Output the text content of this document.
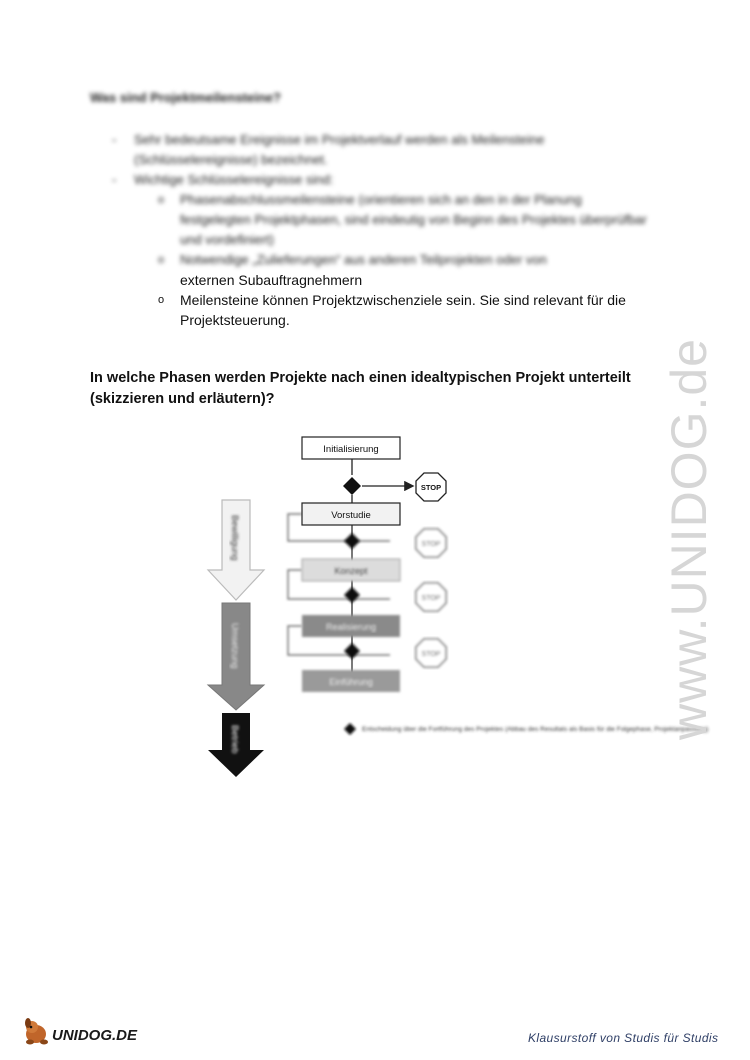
Was sind Projektmeilensteine?
- Sehr bedeutsame Ereignisse im Projektverlauf werden als Meilensteine (Schlüsselereignisse) bezeichnet.
- Wichtige Schlüsselereignisse sind:
o Phasenabschlussmeilensteine (orientieren sich an den in der Planung festgelegten Projektphasen, sind eindeutig von Beginn des Projektes überprüfbar und vordefiniert)
o Notwendige „Zulieferungen“ aus anderen Teilprojekten oder von
externen Subauftragnehmern
o Meilensteine können Projektzwischenziele sein. Sie sind relevant für die Projektsteuerung.
In welche Phasen werden Projekte nach einen idealtypischen Projekt unterteilt (skizzieren und erläutern)?
Bewilligung
Umsetzung
Betrieb
Initialisierung
Vorstudie
Konzept
Realisierung
Einführung
STOP
STOP
STOP
STOP
Entscheidung über die Fortführung des Projektes (Abbau des Resultats als Basis für die Folgephase, Projektanpassung)
www.UNIDOG.de
UNIDOG.DE	Klausurstoff von Studis für Studis
